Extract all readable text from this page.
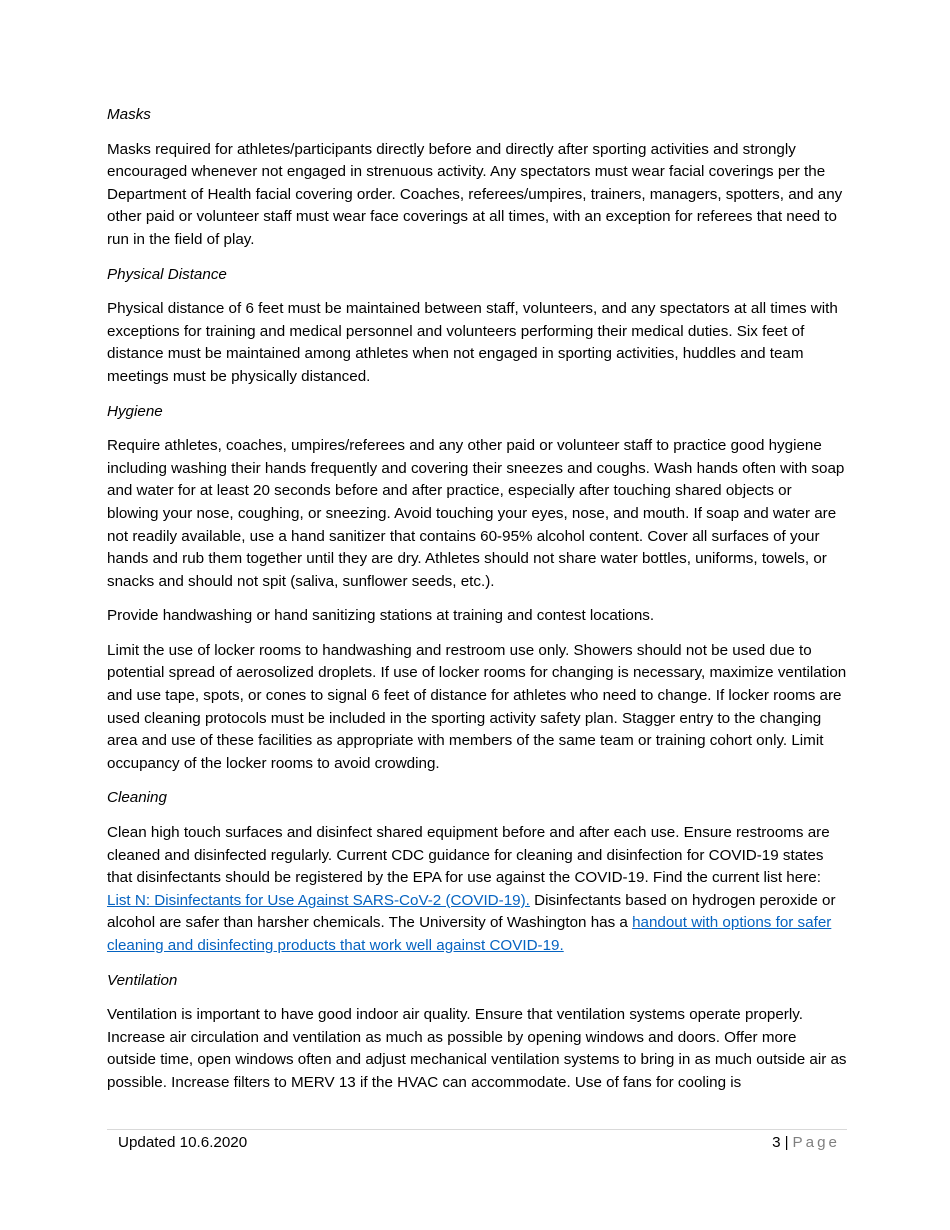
Masks

Masks required for athletes/participants directly before and directly after sporting activities and strongly encouraged whenever not engaged in strenuous activity. Any spectators must wear facial coverings per the Department of Health facial covering order. Coaches, referees/umpires, trainers, managers, spotters, and any other paid or volunteer staff must wear face coverings at all times, with an exception for referees that need to run in the field of play.

Physical Distance

Physical distance of 6 feet must be maintained between staff, volunteers, and any spectators at all times with exceptions for training and medical personnel and volunteers performing their medical duties. Six feet of distance must be maintained among athletes when not engaged in sporting activities, huddles and team meetings must be physically distanced.

Hygiene

Require athletes, coaches, umpires/referees and any other paid or volunteer staff to practice good hygiene including washing their hands frequently and covering their sneezes and coughs. Wash hands often with soap and water for at least 20 seconds before and after practice, especially after touching shared objects or blowing your nose, coughing, or sneezing. Avoid touching your eyes, nose, and mouth. If soap and water are not readily available, use a hand sanitizer that contains 60-95% alcohol content. Cover all surfaces of your hands and rub them together until they are dry. Athletes should not share water bottles, uniforms, towels, or snacks and should not spit (saliva, sunflower seeds, etc.).

Provide handwashing or hand sanitizing stations at training and contest locations.

Limit the use of locker rooms to handwashing and restroom use only. Showers should not be used due to potential spread of aerosolized droplets. If use of locker rooms for changing is necessary, maximize ventilation and use tape, spots, or cones to signal 6 feet of distance for athletes who need to change. If locker rooms are used cleaning protocols must be included in the sporting activity safety plan. Stagger entry to the changing area and use of these facilities as appropriate with members of the same team or training cohort only. Limit occupancy of the locker rooms to avoid crowding.

Cleaning

Clean high touch surfaces and disinfect shared equipment before and after each use. Ensure restrooms are cleaned and disinfected regularly. Current CDC guidance for cleaning and disinfection for COVID-19 states that disinfectants should be registered by the EPA for use against the COVID-19. Find the current list here: List N: Disinfectants for Use Against SARS-CoV-2 (COVID-19). Disinfectants based on hydrogen peroxide or alcohol are safer than harsher chemicals. The University of Washington has a handout with options for safer cleaning and disinfecting products that work well against COVID-19.

Ventilation

Ventilation is important to have good indoor air quality. Ensure that ventilation systems operate properly. Increase air circulation and ventilation as much as possible by opening windows and doors. Offer more outside time, open windows often and adjust mechanical ventilation systems to bring in as much outside air as possible. Increase filters to MERV 13 if the HVAC can accommodate. Use of fans for cooling is

Updated 10.6.2020	3 | Page
